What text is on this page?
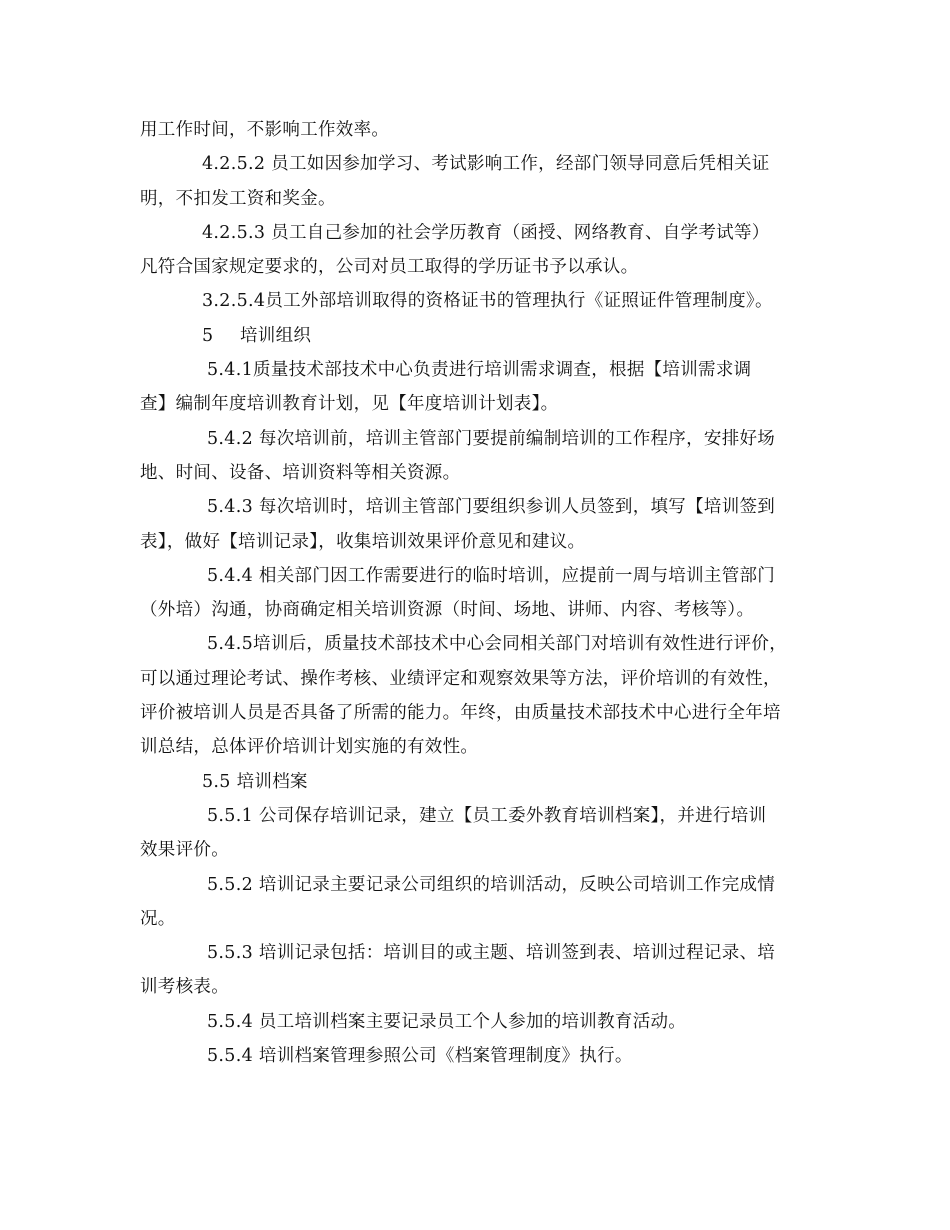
用工作时间，不影响工作效率。
4.2.5.2 员工如因参加学习、考试影响工作，经部门领导同意后凭相关证
明，不扣发工资和奖金。
4.2.5.3 员工自己参加的社会学历教育（函授、网络教育、自学考试等）
凡符合国家规定要求的，公司对员工取得的学历证书予以承认。
3.2.5.4员工外部培训取得的资格证书的管理执行《证照证件管理制度》。
5 培训组织
5.4.1质量技术部技术中心负责进行培训需求调查，根据【培训需求调
查】编制年度培训教育计划，见【年度培训计划表】。
5.4.2 每次培训前，培训主管部门要提前编制培训的工作程序，安排好场
地、时间、设备、培训资料等相关资源。
5.4.3 每次培训时，培训主管部门要组织参训人员签到，填写【培训签到
表】，做好【培训记录】，收集培训效果评价意见和建议。
5.4.4 相关部门因工作需要进行的临时培训，应提前一周与培训主管部门
（外培）沟通，协商确定相关培训资源（时间、场地、讲师、内容、考核等）。
5.4.5培训后，质量技术部技术中心会同相关部门对培训有效性进行评价，
可以通过理论考试、操作考核、业绩评定和观察效果等方法，评价培训的有效性，
评价被培训人员是否具备了所需的能力。年终，由质量技术部技术中心进行全年培
训总结，总体评价培训计划实施的有效性。
5.5 培训档案
5.5.1 公司保存培训记录，建立【员工委外教育培训档案】，并进行培训
效果评价。
5.5.2 培训记录主要记录公司组织的培训活动，反映公司培训工作完成情
况。
5.5.3 培训记录包括：培训目的或主题、培训签到表、培训过程记录、培
训考核表。
5.5.4 员工培训档案主要记录员工个人参加的培训教育活动。
5.5.4 培训档案管理参照公司《档案管理制度》执行。
